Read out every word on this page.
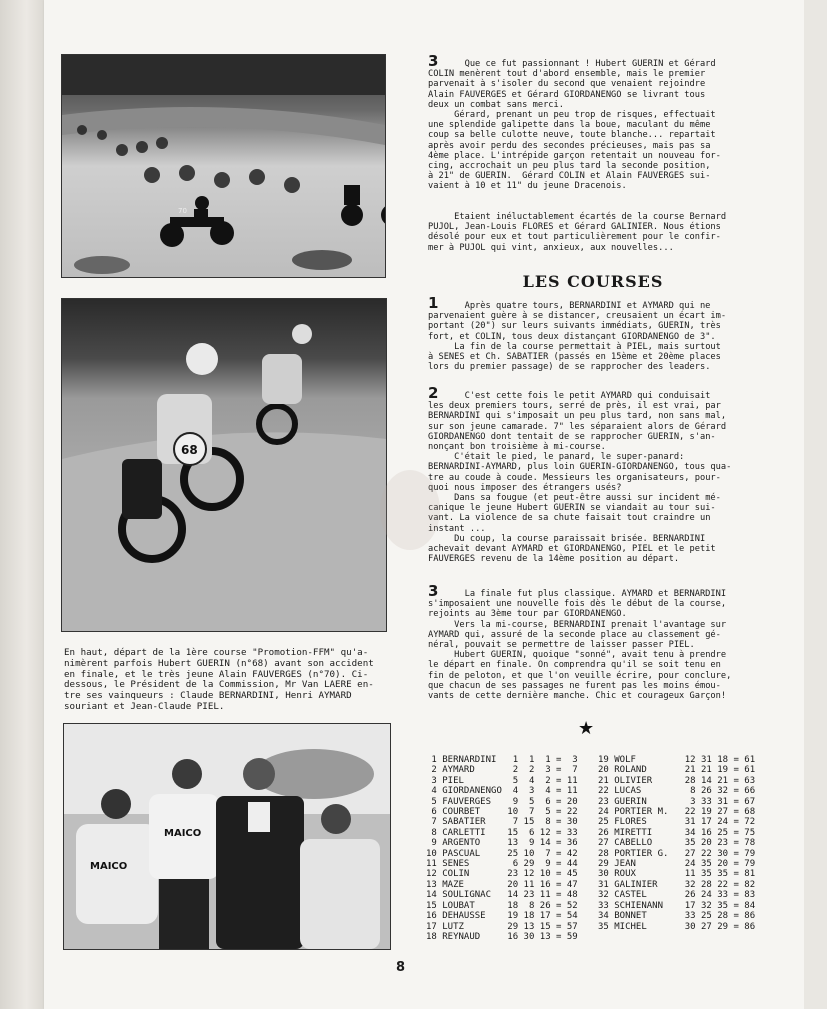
70
68

En haut, départ de la 1ère course "Promotion-FFM" qu'a-
nimèrent parfois Hubert GUERIN (n°68) avant son accident
en finale, et le très jeune Alain FAUVERGES (n°70). Ci-
dessous, le Président de la Commission, Mr Van LAERE en-
tre ses vainqueurs : Claude BERNARDINI, Henri AYMARD
souriant et Jean-Claude PIEL.

MAICO
MAICO
3	Que ce fut passionnant ! Hubert GUERIN et Gérard
COLIN menèrent tout d'abord ensemble, mais le premier
parvenait à s'isoler du second que venaient rejoindre
Alain FAUVERGES et Gérard GIORDANENGO se livrant tous
deux un combat sans merci.
Gérard, prenant un peu trop de risques, effectuait
une splendide galipette dans la boue, maculant du même
coup sa belle culotte neuve, toute blanche... repartait
après avoir perdu des secondes précieuses, mais pas sa
4ème place. L'intrépide garçon retentait un nouveau for-
cing, accrochait un peu plus tard la seconde position,
à 21" de GUERIN.  Gérard COLIN et Alain FAUVERGES sui-
vaient à 10 et 11" du jeune Dracenois.
Etaient inéluctablement écartés de la course Bernard
PUJOL, Jean-Louis FLORES et Gérard GALINIER. Nous étions
désolé pour eux et tout particulièrement pour le confir-
mer à PUJOL qui vint, anxieux, aux nouvelles...
LES COURSES
1	Après quatre tours, BERNARDINI et AYMARD qui ne
parvenaient guère à se distancer, creusaient un écart im-
portant (20") sur leurs suivants immédiats, GUERIN, très
fort, et COLIN, tous deux distançant GIORDANENGO de 3".
La fin de la course permettait à PIEL, mais surtout
à SENES et Ch. SABATIER (passés en 15ème et 20ème places
lors du premier passage) de se rapprocher des leaders.
2	C'est cette fois le petit AYMARD qui conduisait
les deux premiers tours, serré de près, il est vrai, par
BERNARDINI qui s'imposait un peu plus tard, non sans mal,
sur son jeune camarade. 7" les séparaient alors de Gérard
GIORDANENGO dont tentait de se rapprocher GUERIN, s'an-
nonçant bon troisième à mi-course.
C'était le pied, le panard, le super-panard:
BERNARDINI-AYMARD, plus loin GUERIN-GIORDANENGO, tous qua-
tre au coude à coude. Messieurs les organisateurs, pour-
quoi nous imposer des étrangers usés?
Dans sa fougue (et peut-être aussi sur incident mé-
canique le jeune Hubert GUERIN se viandait au tour sui-
vant. La violence de sa chute faisait tout craindre un
instant ...
Du coup, la course paraissait brisée. BERNARDINI
achevait devant AYMARD et GIORDANENGO, PIEL et le petit
FAUVERGES revenu de la 14ème position au départ.
3	La finale fut plus classique. AYMARD et BERNARDINI
s'imposaient une nouvelle fois dès le début de la course,
rejoints au 3ème tour par GIORDANENGO.
Vers la mi-course, BERNARDINI prenait l'avantage sur
AYMARD qui, assuré de la seconde place au classement gé-
néral, pouvait se permettre de laisser passer PIEL.
Hubert GUERIN, quoique "sonné", avait tenu à prendre
le départ en finale. On comprendra qu'il se soit tenu en
fin de peloton, et que l'on veuille écrire, pour conclure,
que chacun de ses passages ne furent pas les moins émou-
vants de cette dernière manche. Chic et courageux Garçon!
★
1 BERNARDINI   1  1  1 =  3
2 AYMARD       2  2  3 =  7
3 PIEL         5  4  2 = 11
4 GIORDANENGO  4  3  4 = 11
5 FAUVERGES    9  5  6 = 20
6 COURBET     10  7  5 = 22
7 SABATIER     7 15  8 = 30
8 CARLETTI    15  6 12 = 33
9 ARGENTO     13  9 14 = 36
10 PASCUAL     25 10  7 = 42
11 SENES        6 29  9 = 44
12 COLIN       23 12 10 = 45
13 MAZE        20 11 16 = 47
14 SOULIGNAC   14 23 11 = 48
15 LOUBAT      18  8 26 = 52
16 DEHAUSSE    19 18 17 = 54
17 LUTZ        29 13 15 = 57
18 REYNAUD     16 30 13 = 59
19 WOLF         12 31 18 = 61
20 ROLAND       21 21 19 = 61
21 OLIVIER      28 14 21 = 63
22 LUCAS         8 26 32 = 66
23 GUERIN        3 33 31 = 67
24 PORTIER M.   22 19 27 = 68
25 FLORES       31 17 24 = 72
26 MIRETTI      34 16 25 = 75
27 CABELLO      35 20 23 = 78
28 PORTIER G.   27 22 30 = 79
29 JEAN         24 35 20 = 79
30 ROUX         11 35 35 = 81
31 GALINIER     32 28 22 = 82
32 CASTEL       26 24 33 = 83
33 SCHIENANN    17 32 35 = 84
34 BONNET       33 25 28 = 86
35 MICHEL       30 27 29 = 86
8
